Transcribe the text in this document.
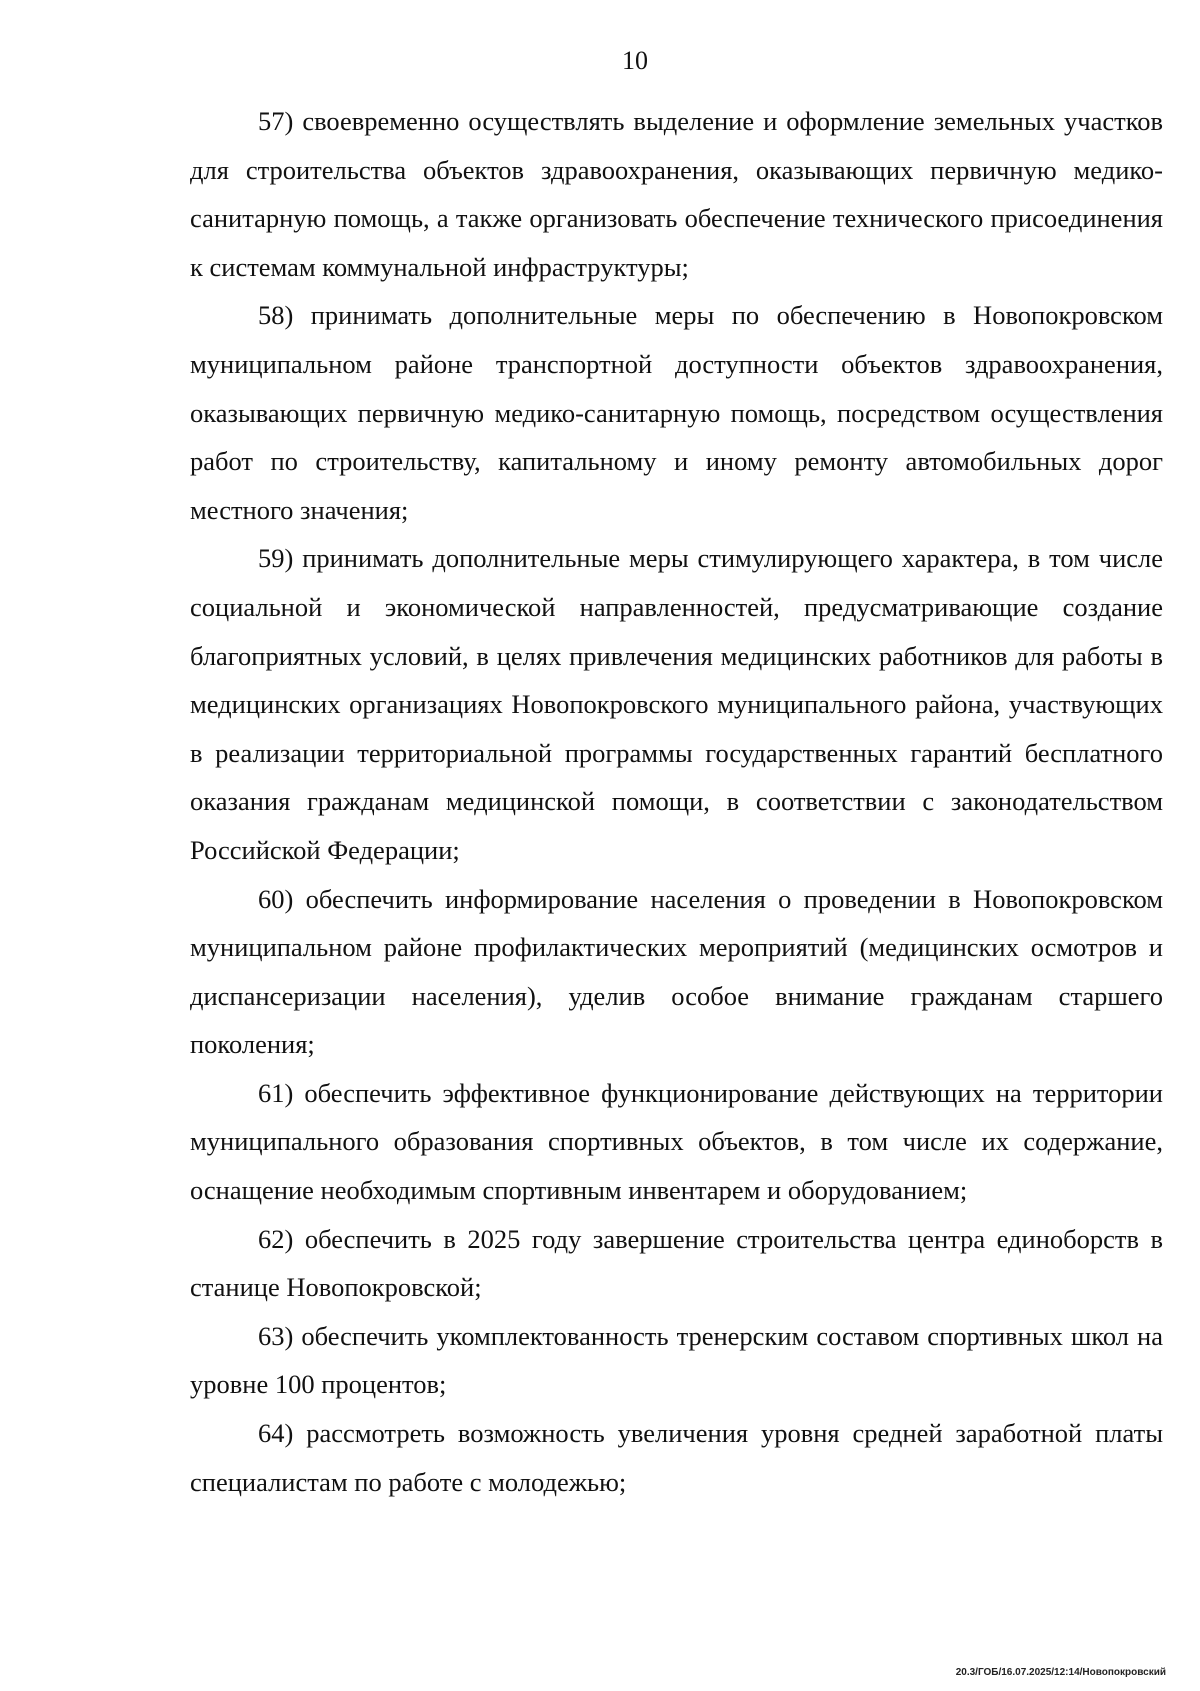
10

57) своевременно осуществлять выделение и оформление земельных участков для строительства объектов здравоохранения, оказывающих первичную медико-санитарную помощь, а также организовать обеспечение технического присоединения к системам коммунальной инфраструктуры;

58) принимать дополнительные меры по обеспечению в Новопокровском муниципальном районе транспортной доступности объектов здравоохранения, оказывающих первичную медико-санитарную помощь, посредством осуществления работ по строительству, капитальному и иному ремонту автомобильных дорог местного значения;

59) принимать дополнительные меры стимулирующего характера, в том числе социальной и экономической направленностей, предусматривающие создание благоприятных условий, в целях привлечения медицинских работников для работы в медицинских организациях Новопокровского муниципального района, участвующих в реализации территориальной программы государственных гарантий бесплатного оказания гражданам медицинской помощи, в соответствии с законодательством Российской Федерации;

60) обеспечить информирование населения о проведении в Новопокровском муниципальном районе профилактических мероприятий (медицинских осмотров и диспансеризации населения), уделив особое внимание гражданам старшего поколения;

61) обеспечить эффективное функционирование действующих на территории муниципального образования спортивных объектов, в том числе их содержание, оснащение необходимым спортивным инвентарем и оборудованием;

62) обеспечить в 2025 году завершение строительства центра единоборств в станице Новопокровской;

63) обеспечить укомплектованность тренерским составом спортивных школ на уровне 100 процентов;

64) рассмотреть возможность увеличения уровня средней заработной платы специалистам по работе с молодежью;

20.3/ГОБ/16.07.2025/12:14/Новопокровский
